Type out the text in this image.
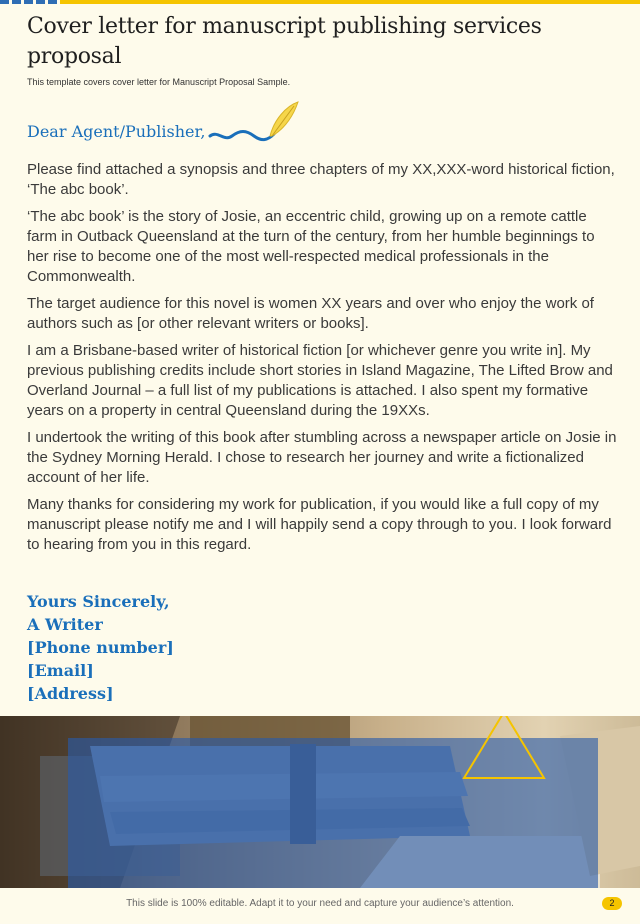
Cover letter for manuscript publishing services proposal
This template covers cover letter for Manuscript Proposal Sample.
Dear Agent/Publisher,

Please find attached a synopsis and three chapters of my XX,XXX-word historical fiction, ‘The abc book’.

‘The abc book’ is the story of Josie, an eccentric child, growing up on a remote cattle farm in Outback Queensland at the turn of the century, from her humble beginnings to her rise to become one of the most well-respected medical professionals in the Commonwealth.

The target audience for this novel is women XX years and over who enjoy the work of authors such as [or other relevant writers or books].

I am a Brisbane-based writer of historical fiction [or whichever genre you write in]. My previous publishing credits include short stories in Island Magazine, The Lifted Brow and Overland Journal – a full list of my publications is attached. I also spent my formative years on a property in central Queensland during the 19XXs.

I undertook the writing of this book after stumbling across a newspaper article on Josie in the Sydney Morning Herald. I chose to research her journey and write a fictionalized account of her life.

Many thanks for considering my work for publication, if you would like a full copy of my manuscript please notify me and I will happily send a copy through to you. I look forward to hearing from you in this regard.

Yours Sincerely,
A Writer
[Phone number]
[Email]
[Address]
This slide is 100% editable. Adapt it to your need and capture your audience’s attention.	2
